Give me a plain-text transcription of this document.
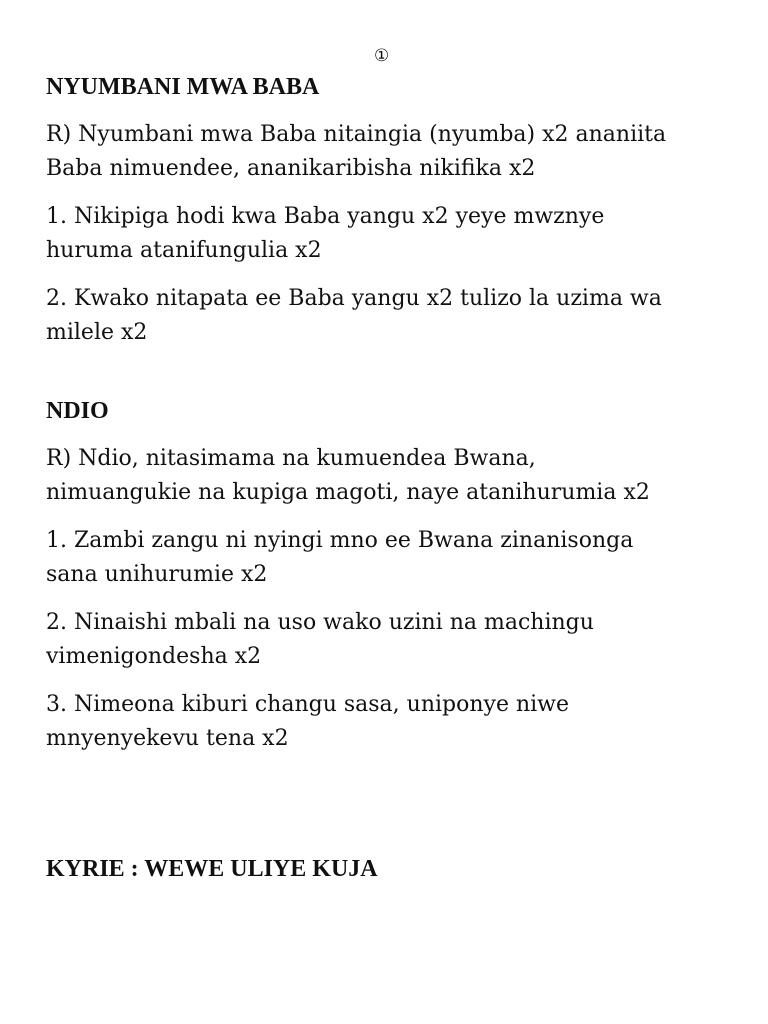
①
NYUMBANI MWA BABA

R) Nyumbani mwa Baba nitaingia (nyumba) x2 ananiita
Baba nimuendee, ananikaribisha nikifika x2

1. Nikipiga hodi kwa Baba yangu x2 yeye mwznye
huruma atanifungulia x2

2. Kwako nitapata ee Baba yangu x2 tulizo la uzima wa
milele x2

NDIO

R) Ndio, nitasimama na kumuendea Bwana,
nimuangukie na kupiga magoti, naye atanihurumia x2

1. Zambi zangu ni nyingi mno ee Bwana zinanisonga
sana unihurumie x2

2. Ninaishi mbali na uso wako uzini na machingu
vimenigondesha x2

3. Nimeona kiburi changu sasa, uniponye niwe
mnyenyekevu tena x2

KYRIE : WEWE ULIYE KUJA
